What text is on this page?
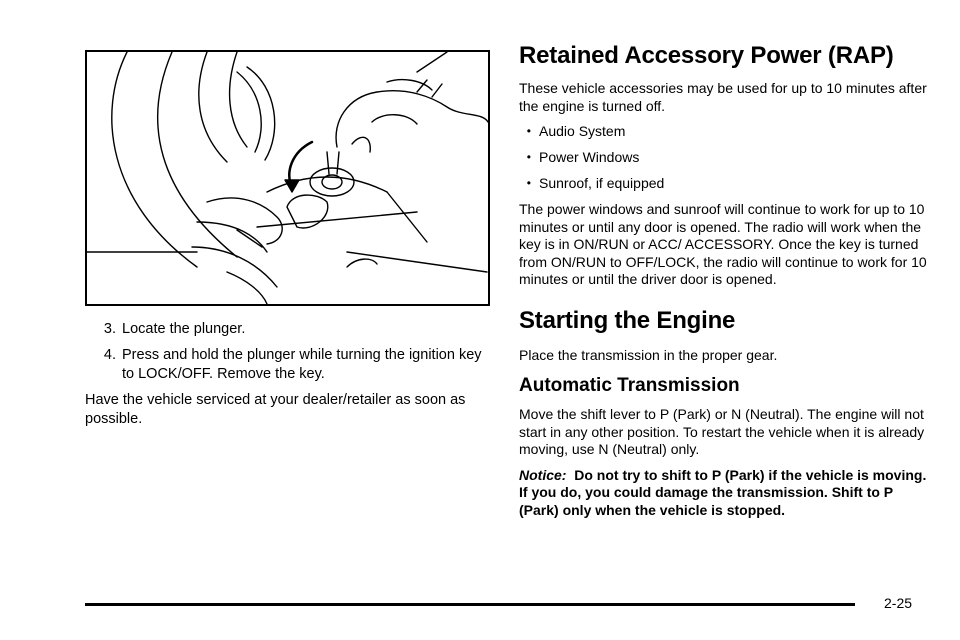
3. Locate the plunger.
4. Press and hold the plunger while turning the ignition key to LOCK/OFF. Remove the key.

Have the vehicle serviced at your dealer/retailer as soon as possible.

Retained Accessory Power (RAP)

These vehicle accessories may be used for up to 10 minutes after the engine is turned off.

• Audio System
• Power Windows
• Sunroof, if equipped

The power windows and sunroof will continue to work for up to 10 minutes or until any door is opened. The radio will work when the key is in ON/RUN or ACC/ ACCESSORY. Once the key is turned from ON/RUN to OFF/LOCK, the radio will continue to work for 10 minutes or until the driver door is opened.

Starting the Engine

Place the transmission in the proper gear.

Automatic Transmission

Move the shift lever to P (Park) or N (Neutral). The engine will not start in any other position. To restart the vehicle when it is already moving, use N (Neutral) only.

Notice: Do not try to shift to P (Park) if the vehicle is moving. If you do, you could damage the transmission. Shift to P (Park) only when the vehicle is stopped.

2-25
